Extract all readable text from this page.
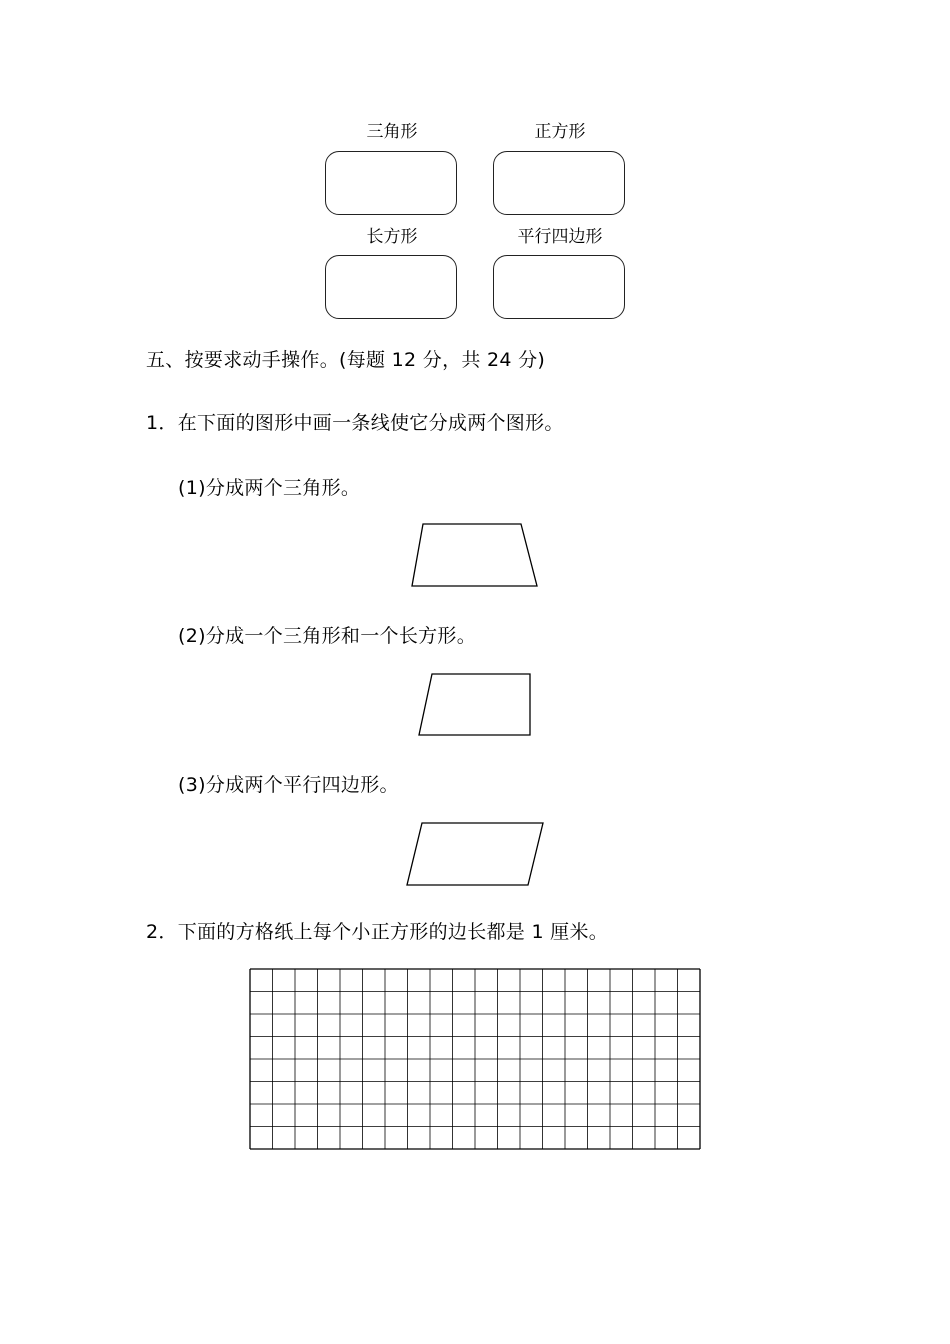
三角形	正方形
长方形	平行四边形
五、按要求动手操作。(每题 12 分，共 24 分)
1．在下面的图形中画一条线使它分成两个图形。
(1)分成两个三角形。
(2)分成一个三角形和一个长方形。
(3)分成两个平行四边形。
2．下面的方格纸上每个小正方形的边长都是 1 厘米。
